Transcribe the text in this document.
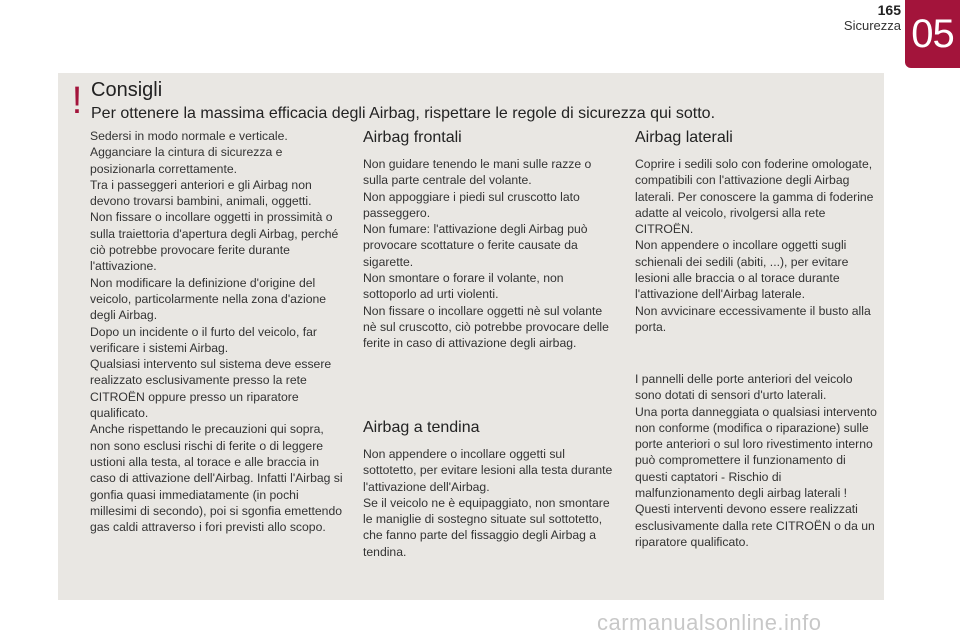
165
Sicurezza 05
! Consigli

Per ottenere la massima efficacia degli Airbag, rispettare le regole di sicurezza qui sotto.

Sedersi in modo normale e verticale.

Agganciare la cintura di sicurezza e posizionarla correttamente.

Tra i passeggeri anteriori e gli Airbag non devono trovarsi bambini, animali, oggetti.

Non fissare o incollare oggetti in prossimità o sulla traiettoria d'apertura degli Airbag, perché ciò potrebbe provocare ferite durante l'attivazione.

Non modificare la definizione d'origine del veicolo, particolarmente nella zona d'azione degli Airbag.

Dopo un incidente o il furto del veicolo, far verificare i sistemi Airbag.

Qualsiasi intervento sul sistema deve essere realizzato esclusivamente presso la rete CITROËN oppure presso un riparatore qualificato.

Anche rispettando le precauzioni qui sopra, non sono esclusi rischi di ferite o di leggere ustioni alla testa, al torace e alle braccia in caso di attivazione dell'Airbag. Infatti l'Airbag si gonfia quasi immediatamente (in pochi millesimi di secondo), poi si sgonfia emettendo gas caldi attraverso i fori previsti allo scopo.

Airbag frontali

Non guidare tenendo le mani sulle razze o sulla parte centrale del volante.

Non appoggiare i piedi sul cruscotto lato passeggero.

Non fumare: l'attivazione degli Airbag può provocare scottature o ferite causate da sigarette.

Non smontare o forare il volante, non sottoporlo ad urti violenti.

Non fissare o incollare oggetti nè sul volante nè sul cruscotto, ciò potrebbe provocare delle ferite in caso di attivazione degli airbag.

Airbag a tendina

Non appendere o incollare oggetti sul sottotetto, per evitare lesioni alla testa durante l'attivazione dell'Airbag.

Se il veicolo ne è equipaggiato, non smontare le maniglie di sostegno situate sul sottotetto, che fanno parte del fissaggio degli Airbag a tendina.

Airbag laterali

Coprire i sedili solo con foderine omologate, compatibili con l'attivazione degli Airbag laterali. Per conoscere la gamma di foderine adatte al veicolo, rivolgersi alla rete CITROËN.

Non appendere o incollare oggetti sugli schienali dei sedili (abiti, ...), per evitare lesioni alle braccia o al torace durante l'attivazione dell'Airbag laterale.

Non avvicinare eccessivamente il busto alla porta.

I pannelli delle porte anteriori del veicolo sono dotati di sensori d'urto laterali.

Una porta danneggiata o qualsiasi intervento non conforme (modifica o riparazione) sulle porte anteriori o sul loro rivestimento interno può compromettere il funzionamento di questi captatori - Rischio di malfunzionamento degli airbag laterali !

Questi interventi devono essere realizzati esclusivamente dalla rete CITROËN o da un riparatore qualificato.

carmanualsonline.info
